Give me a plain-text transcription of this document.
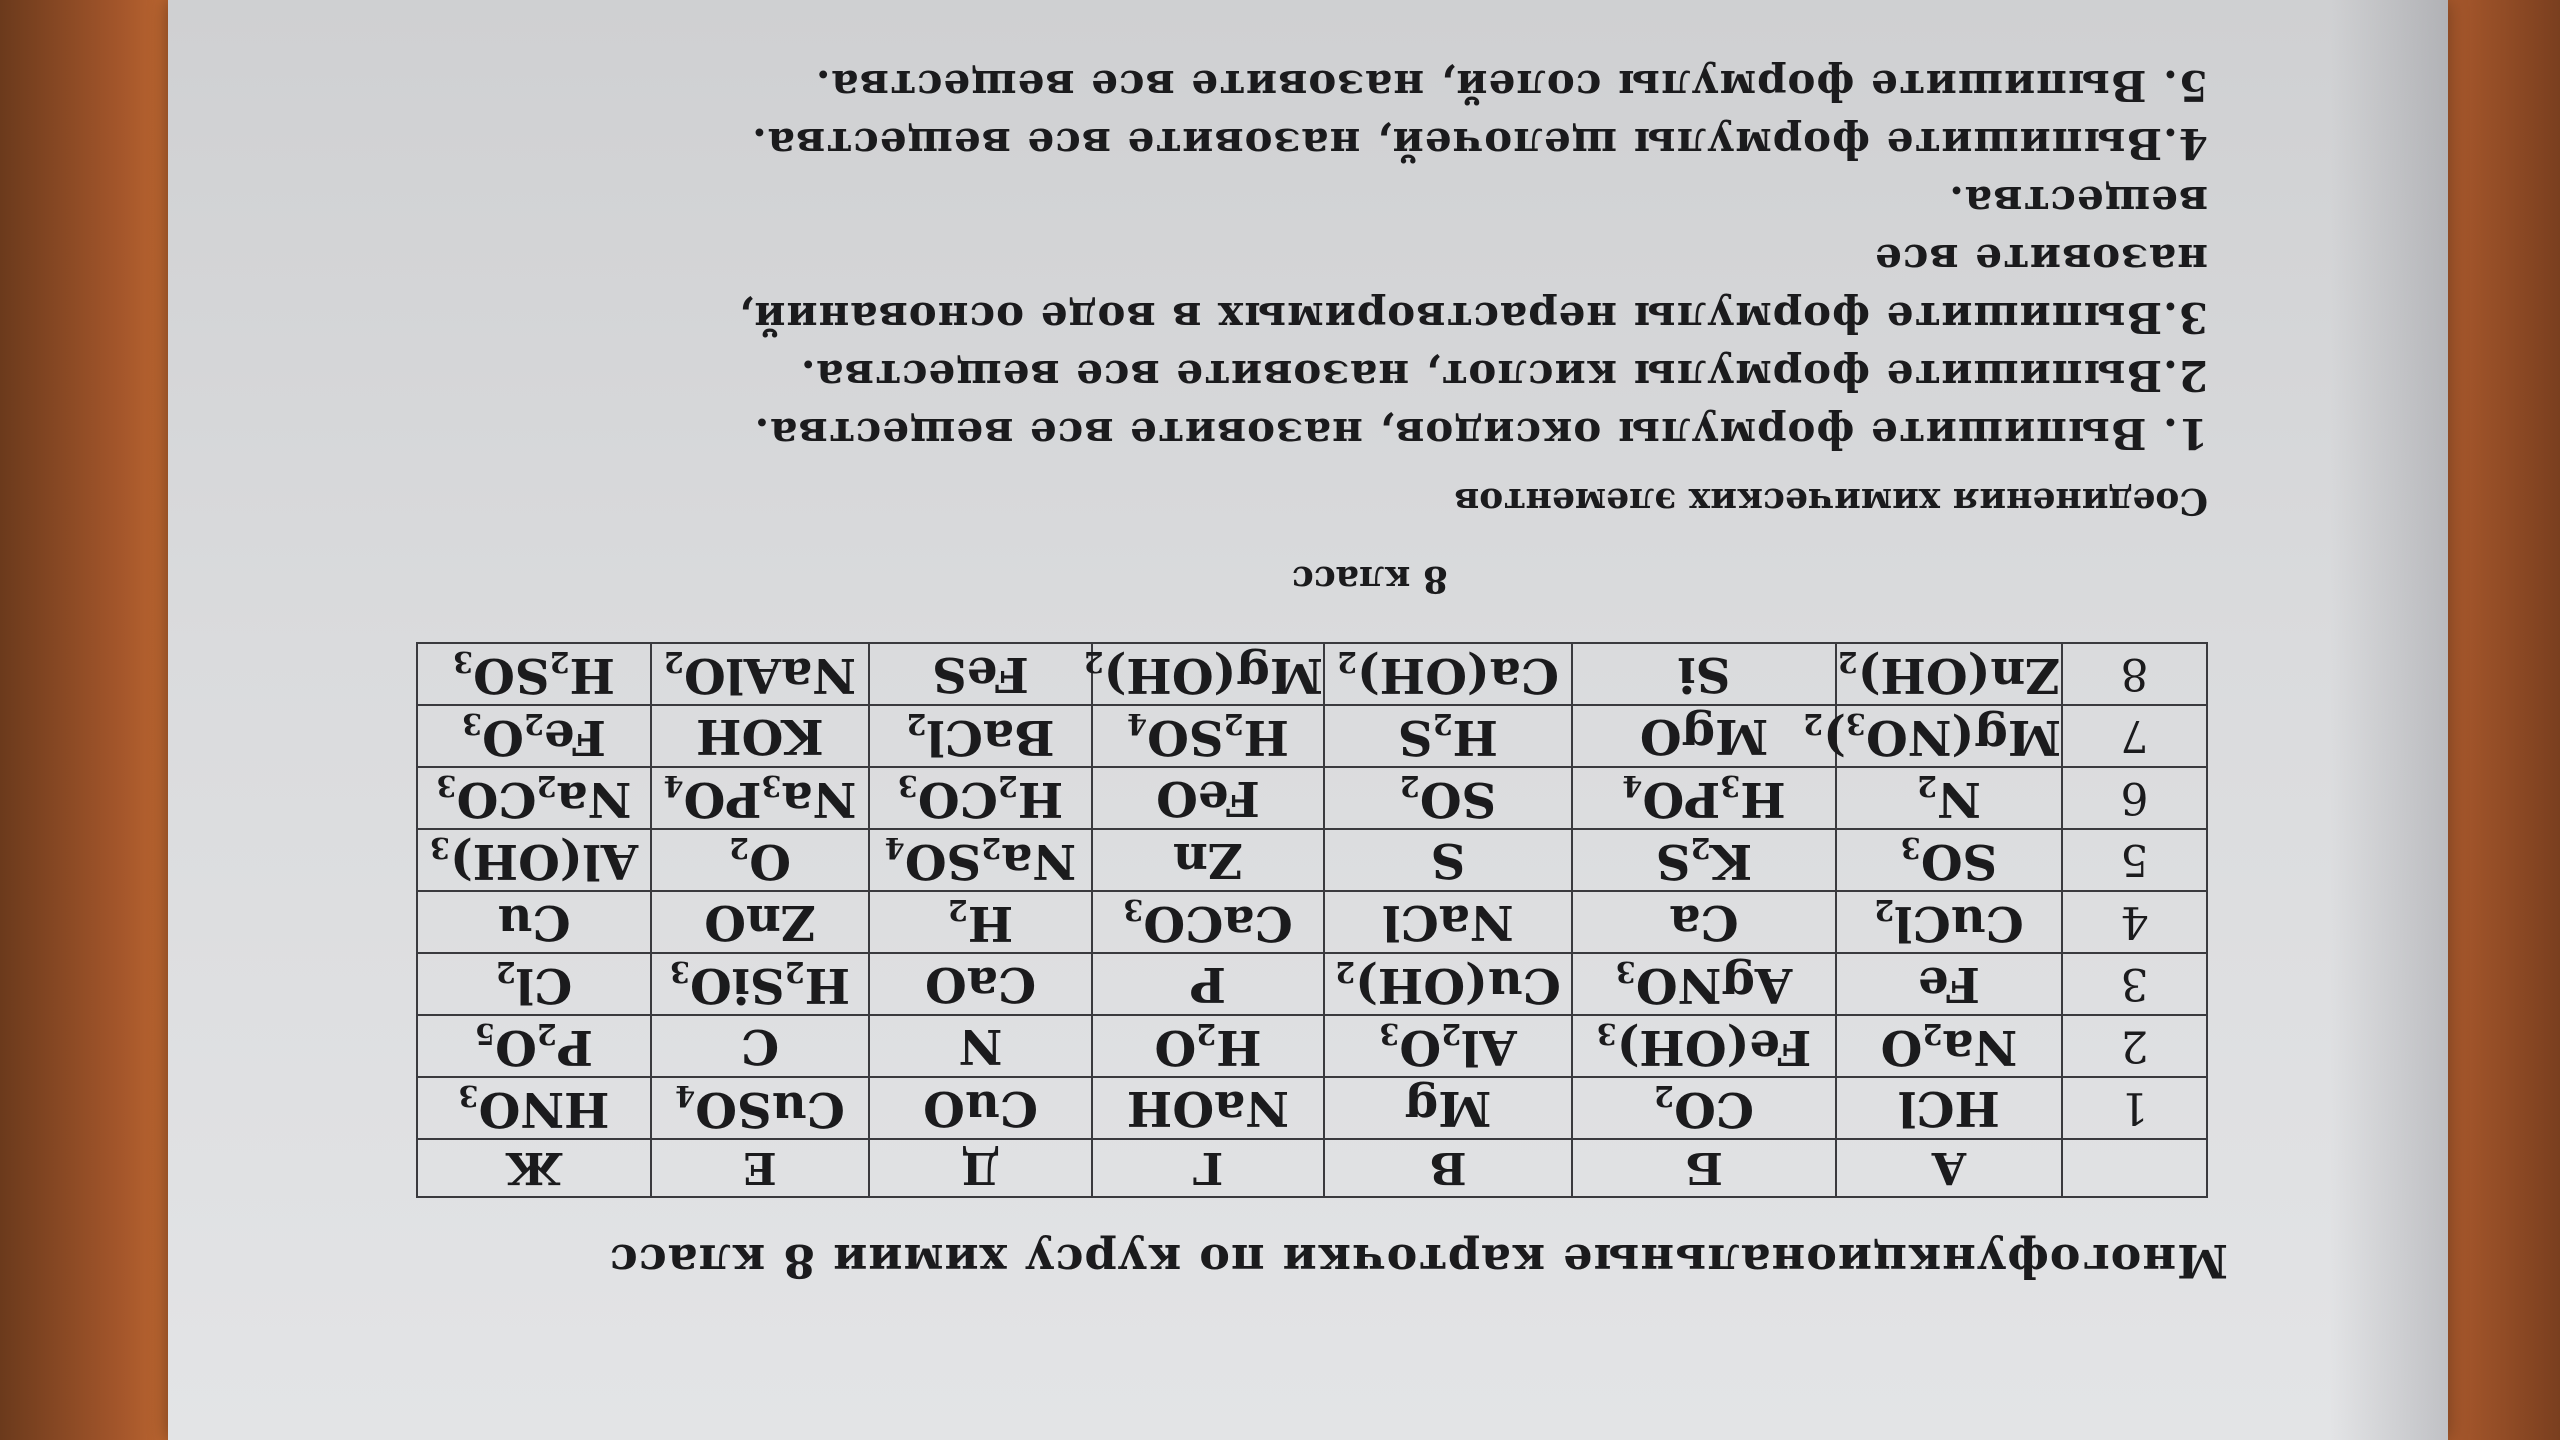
Многофункциональные карточки по курсу химии 8 класс
	А	Б	В	Г	Д	Е	Ж
1	HCl	$CO_2$	Mg	NaOH	CuO	CuSO$_4$	$HNO_3$
2	$Na_2O$	$Fe(OH)_3$	$Al_2O_3$	$H_2O$	N	C	$P_2O_5$
3	Fe	AgNO$_3$	$Cu(OH)_2$	P	CaO	$H_2SiO_3$	$Cl_2$
4	CuCl$_2$	Ca	NaCl	CaCO$_3$	$H_2$	ZnO	Cu
5	$SO_3$	$K_2S$	S	Zn	$Na_2SO_4$	$O_2$	$Al(OH)_3$
6	$N_2$	$H_3PO_4$	$SO_2$	FeO	$H_2CO_3$	$Na_3PO_4$	$Na_2CO_3$
7	$Mg(NO_3)_2$	MgO	$H_2S$	$H_2SO_4$	BaCl$_2$	KOH	$Fe_2O_3$
8	$Zn(OH)_2$	Si	$Ca(OH)_2$	$Mg(OH)_2$	FeS	NaAlO$_2$	$H_2SO_3$
8 класс
Соединения химических элементов
1. Выпишите формулы оксидов, назовите все вещества.
2.Выпишите формулы кислот, назовите все вещества.
3.Выпишите формулы нерастворимых в воде оснований, назовите все
вещества.
4.Выпишите формулы щелочей, назовите все вещества.
5. Выпишите формулы солей, назовите все вещества.
